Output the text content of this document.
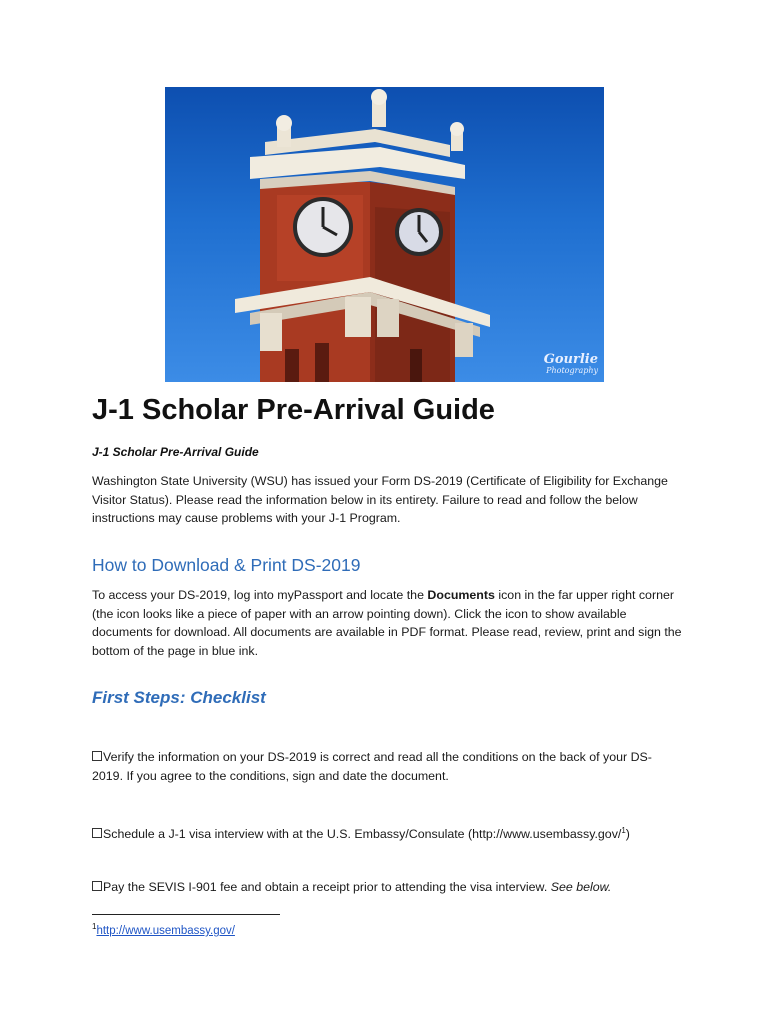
Gourlie
Photography
J-1 Scholar Pre-Arrival Guide

J-1 Scholar Pre-Arrival Guide

Washington State University (WSU) has issued your Form DS-2019 (Certificate of Eligibility for Exchange Visitor Status). Please read the information below in its entirety. Failure to read and follow the below instructions may cause problems with your J-1 Program.

How to Download & Print DS-2019

To access your DS-2019, log into myPassport and locate the Documents icon in the far upper right corner (the icon looks like a piece of paper with an arrow pointing down). Click the icon to show available documents for download. All documents are available in PDF format. Please read, review, print and sign the bottom of the page in blue ink.

First Steps: Checklist

Verify the information on your DS-2019 is correct and read all the conditions on the back of your DS-2019. If you agree to the conditions, sign and date the document.

Schedule a J-1 visa interview with at the U.S. Embassy/Consulate (http://www.usembassy.gov/$^1$)

Pay the SEVIS I-901 fee and obtain a receipt prior to attending the visa interview. See below.

$^1$http://www.usembassy.gov/
